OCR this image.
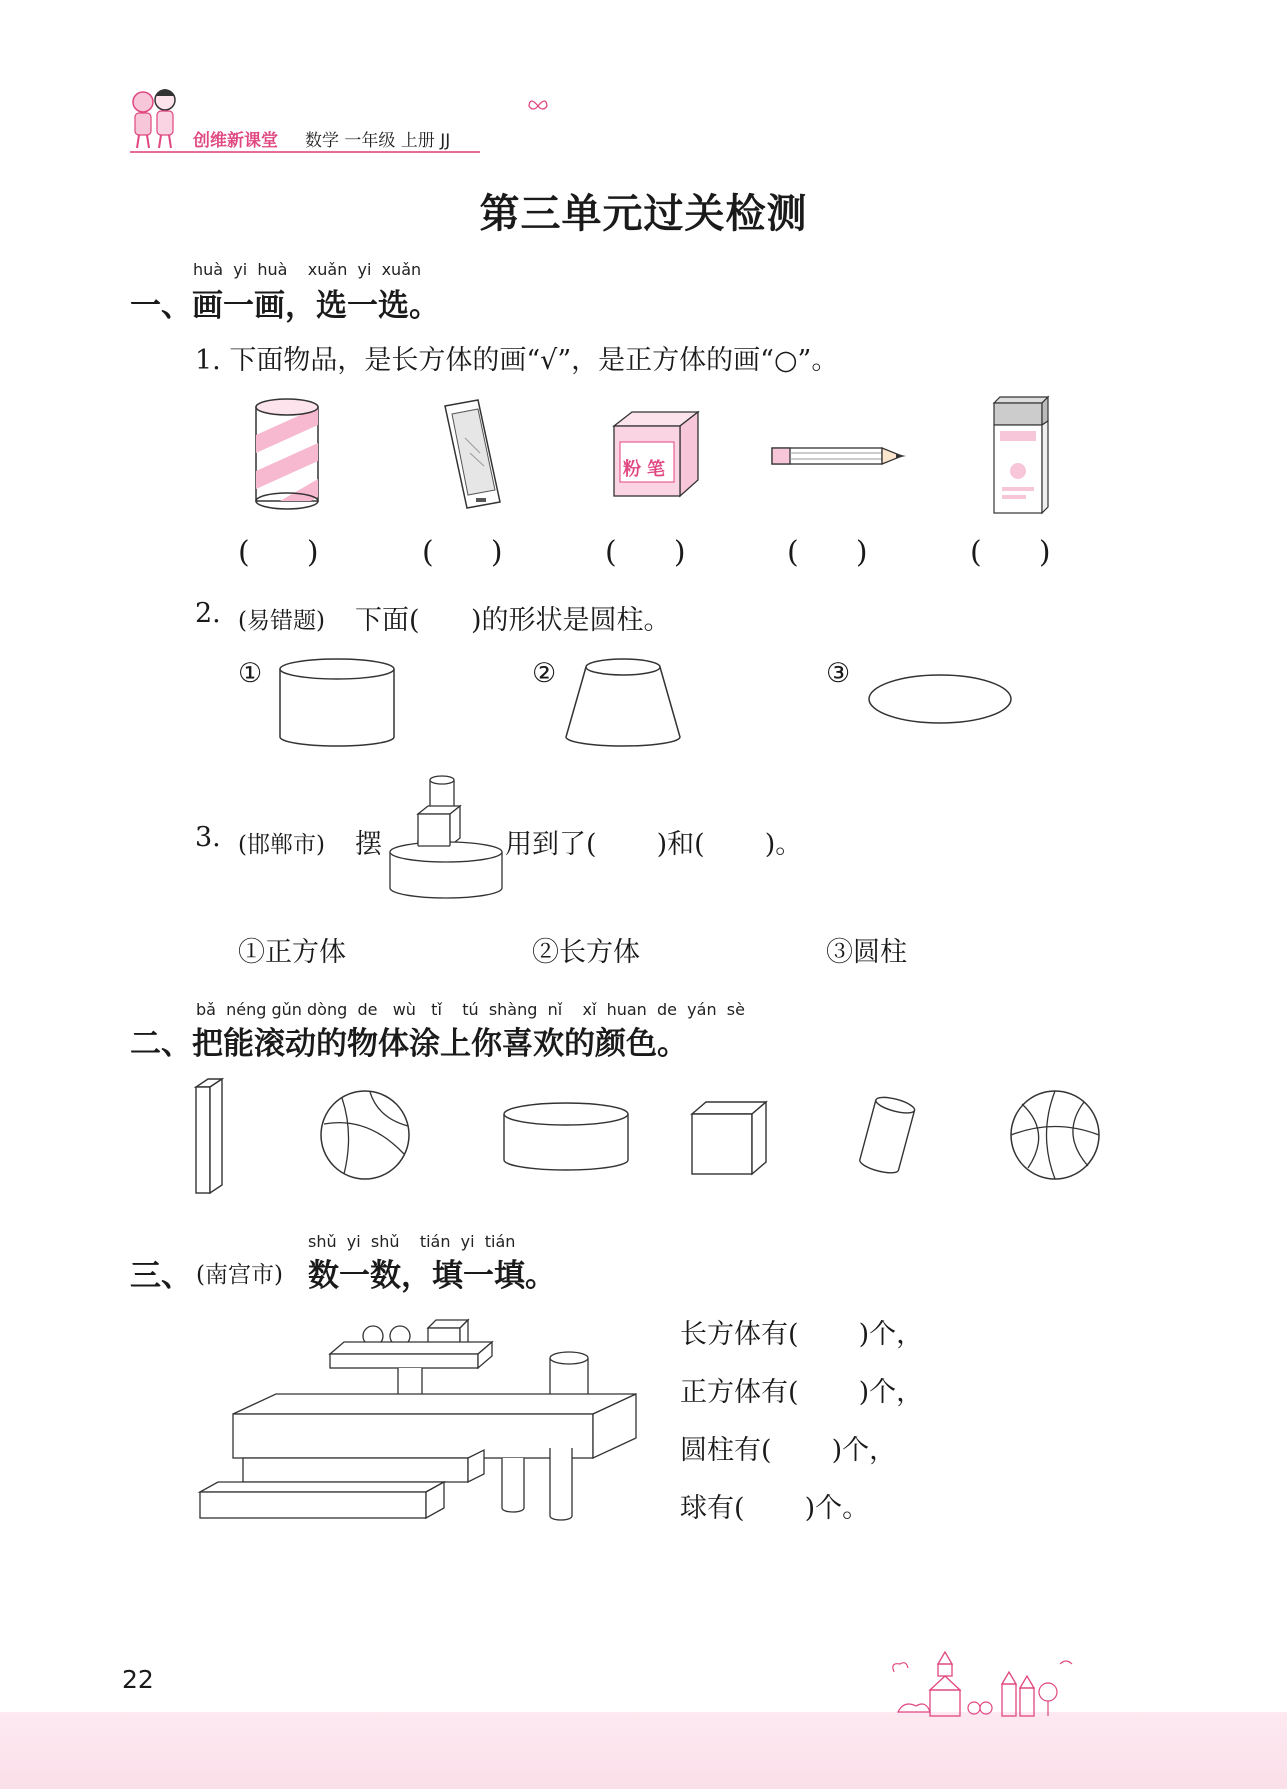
创维新课堂 数学 一年级 上册 JJ
第三单元过关检测
huà  yi  huà    xuǎn  yi  xuǎn
一、画一画，选一选。
1. 下面物品，是长方体的画“√”，是正方体的画“○”。
粉笔
(      )	(      )	(      )	(      )	(      )
2. (易错题) 下面(      )的形状是圆柱。
①	②	③
3. (邯郸市) 摆	用到了(       )和(       )。
①正方体	②长方体	③圆柱
bǎ  néng gǔn dòng  de   wù   tǐ    tú  shàng  nǐ    xǐ  huan  de  yán  sè
二、把能滚动的物体涂上你喜欢的颜色。
shǔ  yi  shǔ    tián  yi  tián
三、 (南宫市) 数一数，填一填。
长方体有(       )个，
正方体有(       )个，
圆柱有(       )个，
球有(       )个。
22
